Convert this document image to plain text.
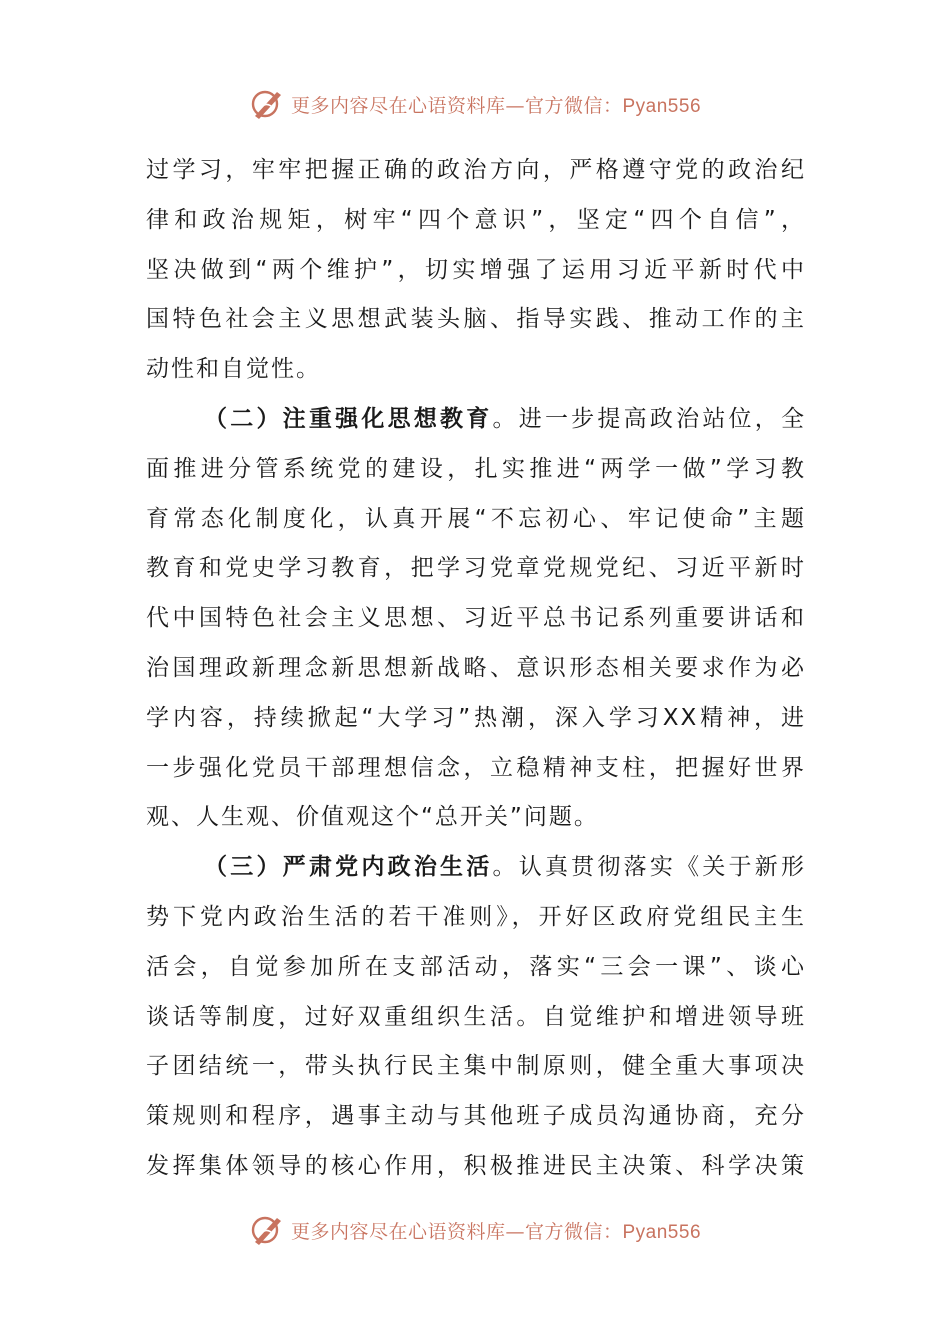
更多内容尽在心语资料库—官方微信：Pyan556
过学习，牢牢把握正确的政治方向，严格遵守党的政治纪
律和政治规矩，树牢“四个意识”，坚定“四个自信”，
坚决做到“两个维护”，切实增强了运用习近平新时代中
国特色社会主义思想武装头脑、指导实践、推动工作的主
动性和自觉性。
（二）注重强化思想教育。进一步提高政治站位，全
面推进分管系统党的建设，扎实推进“两学一做”学习教
育常态化制度化，认真开展“不忘初心、牢记使命”主题
教育和党史学习教育，把学习党章党规党纪、习近平新时
代中国特色社会主义思想、习近平总书记系列重要讲话和
治国理政新理念新思想新战略、意识形态相关要求作为必
学内容，持续掀起“大学习”热潮，深入学习XX精神，进
一步强化党员干部理想信念，立稳精神支柱，把握好世界
观、人生观、价值观这个“总开关”问题。
（三）严肃党内政治生活。认真贯彻落实《关于新形
势下党内政治生活的若干准则》，开好区政府党组民主生
活会，自觉参加所在支部活动，落实“三会一课”、谈心
谈话等制度，过好双重组织生活。自觉维护和增进领导班
子团结统一，带头执行民主集中制原则，健全重大事项决
策规则和程序，遇事主动与其他班子成员沟通协商，充分
发挥集体领导的核心作用，积极推进民主决策、科学决策
更多内容尽在心语资料库—官方微信：Pyan556
